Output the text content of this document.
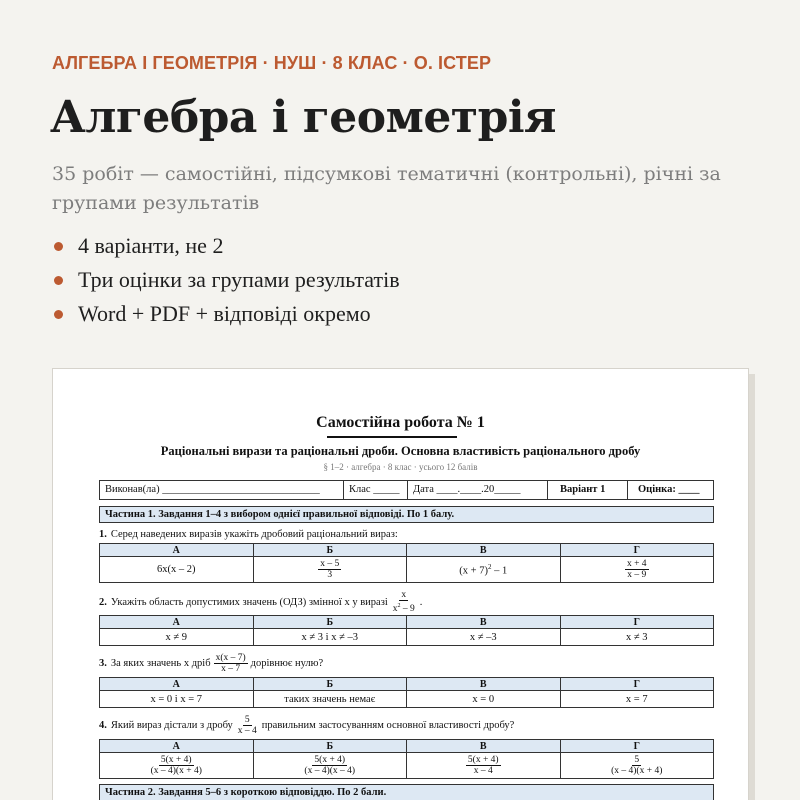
АЛГЕБРА І ГЕОМЕТРІЯ · НУШ · 8 КЛАС · О. ІСТЕР
Алгебра і геометрія

35 робіт — самостійні, підсумкові тематичні (контрольні), річні за групами результатів

4 варіанти, не 2
Три оцінки за групами результатів
Word + PDF + відповіді окремо
Самостійна робота № 1
Раціональні вирази та раціональні дроби. Основна властивість раціонального дробу
§ 1–2 · алгебра · 8 клас · усього 12 балів
Виконав(ла) ______________________________	Клас _____	Дата ____.____.20_____	Варіант 1	Оцінка: ____
Частина 1. Завдання 1–4 з вибором однієї правильної відповіді. По 1 балу.
1. Серед наведених виразів укажіть дробовий раціональний вираз:
А	Б	В	Г
6x(x – 2)	$\frac{x - 5}{3}$	$(x + 7)^2 - 1$	$\frac{x + 4}{x - 9}$
2. Укажіть область допустимих значень (ОДЗ) змінної x у виразі $\frac{x}{x^2 - 9}$ .
А	Б	В	Г
x ≠ 9	x ≠ 3 і x ≠ –3	x ≠ –3	x ≠ 3
3. За яких значень x дріб $\frac{x(x - 7)}{x - 7}$ дорівнює нулю?
А	Б	В	Г
x = 0 і x = 7	таких значень немає	x = 0	x = 7
4. Який вираз дістали з дробу $\frac{5}{x - 4}$ правильним застосуванням основної властивості дробу?
А	Б	В	Г

$\frac{5(x + 4)}{(x - 4)(x + 4)}$	$\frac{5(x + 4)}{(x - 4)(x - 4)}$	$\frac{5(x + 4)}{x - 4}$	$\frac{5}{(x - 4)(x + 4)}$
Частина 2. Завдання 5–6 з короткою відповіддю. По 2 бали.
